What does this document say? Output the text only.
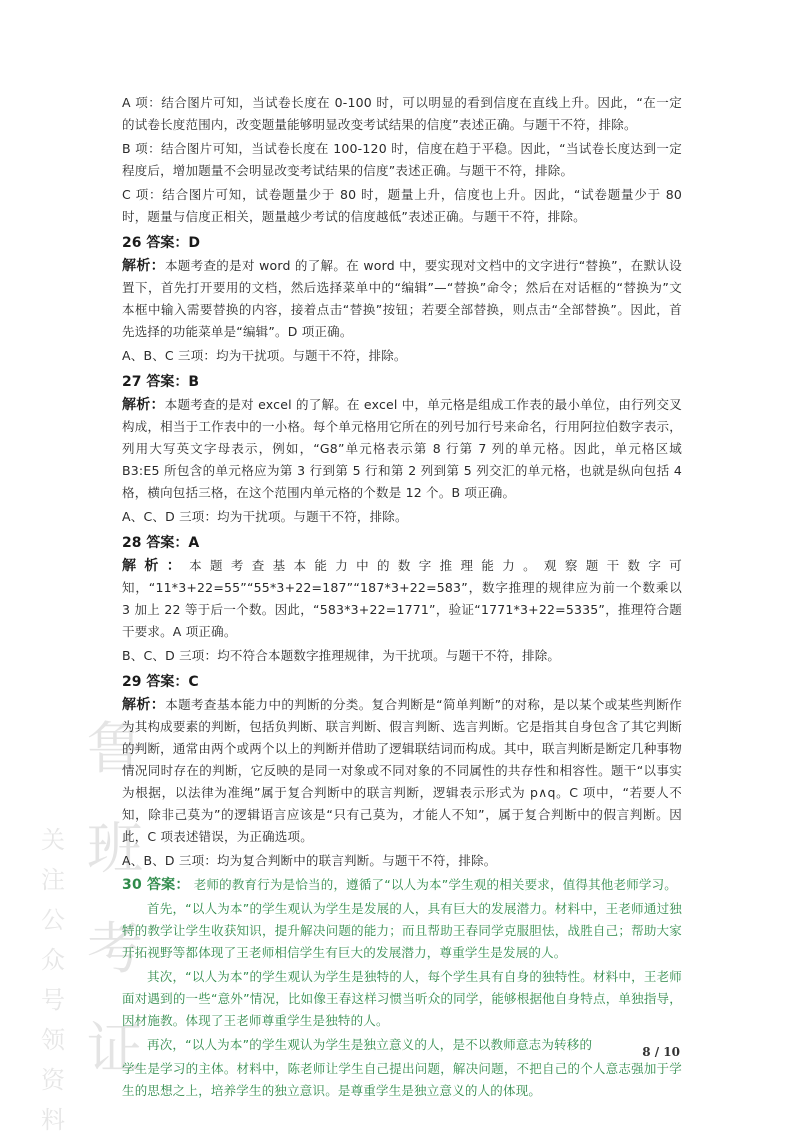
鲁
班
考
证
关
注
公
众
号
领
资
料

A 项：结合图片可知，当试卷长度在 0-100 时，可以明显的看到信度在直线上升。因此，“在一定的试卷长度范围内，改变题量能够明显改变考试结果的信度”表述正确。与题干不符，排除。

B 项：结合图片可知，当试卷长度在 100-120 时，信度在趋于平稳。因此，“当试卷长度达到一定程度后，增加题量不会明显改变考试结果的信度”表述正确。与题干不符，排除。

C 项：结合图片可知，试卷题量少于 80 时，题量上升，信度也上升。因此，“试卷题量少于 80 时，题量与信度正相关，题量越少考试的信度越低”表述正确。与题干不符，排除。

26 答案：D

解析：本题考查的是对 word 的了解。在 word 中，要实现对文档中的文字进行“替换”，在默认设置下，首先打开要用的文档，然后选择菜单中的“编辑”—“替换”命令；然后在对话框的“替换为”文本框中输入需要替换的内容，接着点击“替换”按钮；若要全部替换，则点击“全部替换”。因此，首先选择的功能菜单是“编辑”。D 项正确。

A、B、C 三项：均为干扰项。与题干不符，排除。

27 答案：B

解析：本题考查的是对 excel 的了解。在 excel 中，单元格是组成工作表的最小单位，由行列交叉构成，相当于工作表中的一小格。每个单元格用它所在的列号加行号来命名，行用阿拉伯数字表示，列用大写英文字母表示，例如，“G8”单元格表示第 8 行第 7 列的单元格。因此，单元格区域 B3:E5 所包含的单元格应为第 3 行到第 5 行和第 2 列到第 5 列交汇的单元格，也就是纵向包括 4 格，横向包括三格，在这个范围内单元格的个数是 12 个。B 项正确。

A、C、D 三项：均为干扰项。与题干不符，排除。

28 答案：A

解析：本题考查基本能力中的数字推理能力。观察题干数字可知，“11*3+22=55”“55*3+22=187”“187*3+22=583”，数字推理的规律应为前一个数乘以 3 加上 22 等于后一个数。因此，“583*3+22=1771”，验证“1771*3+22=5335”，推理符合题干要求。A 项正确。

B、C、D 三项：均不符合本题数字推理规律，为干扰项。与题干不符，排除。

29 答案：C

解析：本题考查基本能力中的判断的分类。复合判断是“简单判断”的对称，是以某个或某些判断作为其构成要素的判断，包括负判断、联言判断、假言判断、选言判断。它是指其自身包含了其它判断的判断，通常由两个或两个以上的判断并借助了逻辑联结词而构成。其中，联言判断是断定几种事物情况同时存在的判断，它反映的是同一对象或不同对象的不同属性的共存性和相容性。题干“以事实为根据，以法律为准绳”属于复合判断中的联言判断，逻辑表示形式为 p∧q。C 项中，“若要人不知，除非己莫为”的逻辑语言应该是“只有己莫为，才能人不知”，属于复合判断中的假言判断。因此，C 项表述错误，为正确选项。

A、B、D 三项：均为复合判断中的联言判断。与题干不符，排除。

30 答案： 老师的教育行为是恰当的，遵循了“以人为本”学生观的相关要求，值得其他老师学习。

首先，“以人为本”的学生观认为学生是发展的人，具有巨大的发展潜力。材料中，王老师通过独特的教学让学生收获知识，提升解决问题的能力；而且帮助王春同学克服胆怯，战胜自己；帮助大家开拓视野等都体现了王老师相信学生有巨大的发展潜力，尊重学生是发展的人。

其次，“以人为本”的学生观认为学生是独特的人，每个学生具有自身的独特性。材料中，王老师面对遇到的一些“意外”情况，比如像王春这样习惯当听众的同学，能够根据他自身特点，单独指导，因材施教。体现了王老师尊重学生是独特的人。

再次，“以人为本”的学生观认为学生是独立意义的人，是不以教师意志为转移的

学生是学习的主体。材料中，陈老师让学生自己提出问题，解决问题，不把自己的个人意志强加于学生的思想之上，培养学生的独立意识。是尊重学生是独立意义的人的体现。

8 / 10
